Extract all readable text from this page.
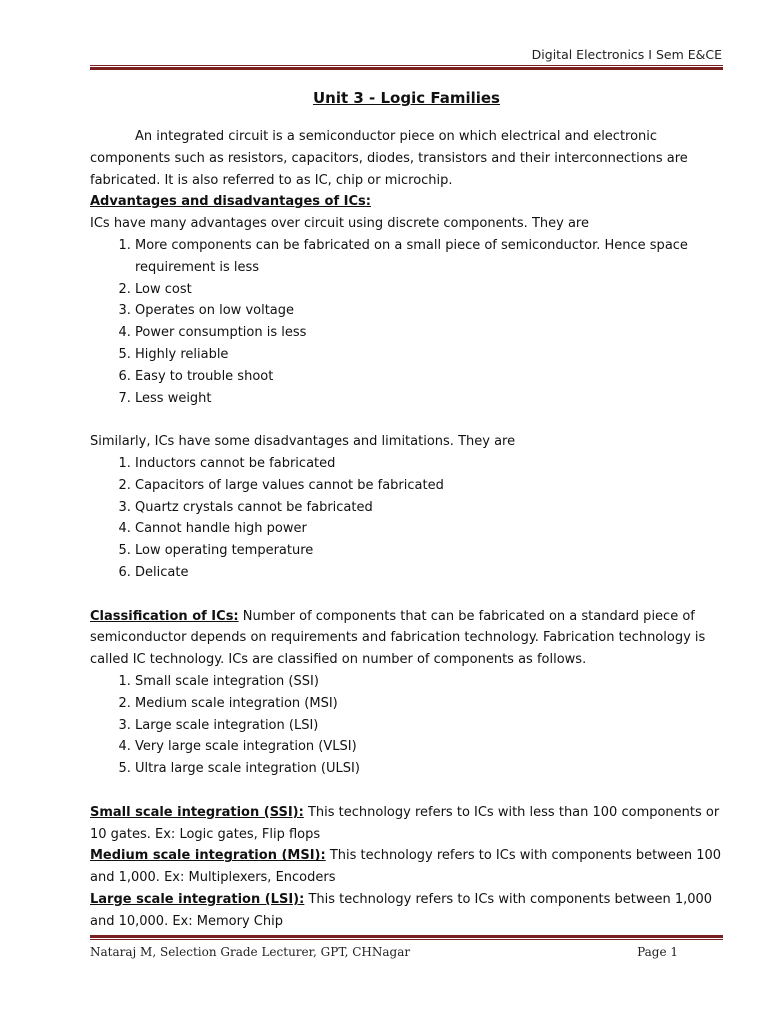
Digital Electronics I Sem E&CE
Unit 3 - Logic Families

An integrated circuit is a semiconductor piece on which electrical and electronic components such as resistors, capacitors, diodes, transistors and their interconnections are fabricated. It is also referred to as IC, chip or microchip.

Advantages and disadvantages of ICs:

ICs have many advantages over circuit using discrete components. They are

1. More components can be fabricated on a small piece of semiconductor. Hence space requirement is less
2. Low cost
3. Operates on low voltage
4. Power consumption is less
5. Highly reliable
6. Easy to trouble shoot
7. Less weight

Similarly, ICs have some disadvantages and limitations. They are

1. Inductors cannot be fabricated
2. Capacitors of large values cannot be fabricated
3. Quartz crystals cannot be fabricated
4. Cannot handle high power
5. Low operating temperature
6. Delicate

Classification of ICs: Number of components that can be fabricated on a standard piece of semiconductor depends on requirements and fabrication technology. Fabrication technology is called IC technology. ICs are classified on number of components as follows.

1. Small scale integration (SSI)
2. Medium scale integration (MSI)
3. Large scale integration (LSI)
4. Very large scale integration (VLSI)
5. Ultra large scale integration (ULSI)

Small scale integration (SSI): This technology refers to ICs with less than 100 components or 10 gates. Ex: Logic gates, Flip flops

Medium scale integration (MSI): This technology refers to ICs with components between 100 and 1,000. Ex: Multiplexers, Encoders

Large scale integration (LSI): This technology refers to ICs with components between 1,000 and 10,000. Ex: Memory Chip

Nataraj M, Selection Grade Lecturer, GPT, CHNagar	Page 1
